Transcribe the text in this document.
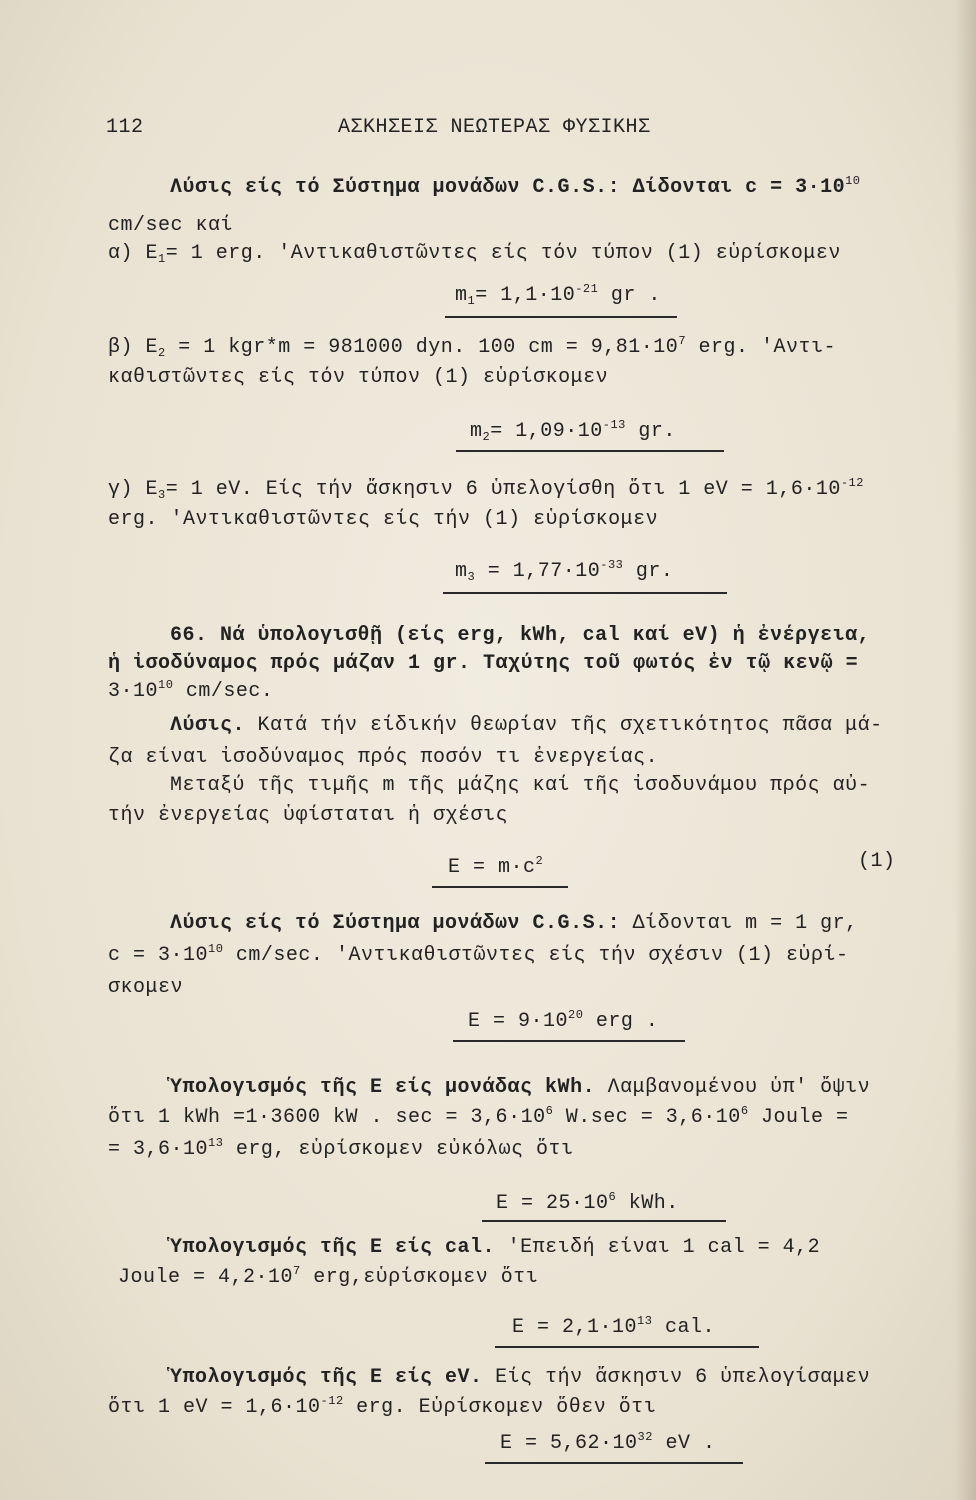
112	ΑΣΚΗΣΕΙΣ ΝΕΩΤΕΡΑΣ ΦΥΣΙΚΗΣ
Λύσις είς τό Σύστημα μονάδων C.G.S.: Δίδονται $c = 3\cdot 10^{10}$
cm/sec καί
α) $E_1= 1$ erg. 'Αντικαθιστῶντες είς τόν τύπον (1) εὑρίσκομεν
$m_1= 1,1\cdot 10^{-21}$ gr .
β) $E_2 = 1$ kgr*m = 981000 dyn. 100 cm = $9,81\cdot 10^7$ erg. 'Αντι-
καθιστῶντες είς τόν τύπον (1) εὑρίσκομεν
$m_2= 1,09\cdot 10^{-13}$ gr.
γ) $E_3= 1$ eV. Είς τήν ἄσκησιν 6 ὑπελογίσθη ὅτι 1 eV = $1,6\cdot 10^{-12}$
erg. 'Αντικαθιστῶντες είς τήν (1) εὑρίσκομεν
$m_3 = 1,77\cdot 10^{-33}$ gr.
66. Νά ὑπολογισθῇ (είς erg, kWh, cal καί eV) ἡ ἐνέργεια,
ἡ ἰσοδύναμος πρός μάζαν 1 gr. Ταχύτης τοῦ φωτός ἐν τῷ κενῷ =
$3\cdot 10^{10}$ cm/sec.
Λύσις. Κατά τήν είδικήν θεωρίαν τῆς σχετικότητος πᾶσα μά-
ζα είναι ἰσοδύναμος πρός ποσόν τι ἐνεργείας.
Μεταξύ τῆς τιμῆς m τῆς μάζης καί τῆς ἰσοδυνάμου πρός αὐ-
τήν ἐνεργείας ὑφίσταται ἡ σχέσις
$E = m\cdot c^2$	(1)
Λύσις είς τό Σύστημα μονάδων C.G.S.: Δίδονται m = 1 gr,
$c = 3\cdot 10^{10}$ cm/sec. 'Αντικαθιστῶντες είς τήν σχέσιν (1) εὑρί-
σκομεν
$E = 9\cdot 10^{20}$ erg .
Ὑπολογισμός τῆς E είς μονάδας kWh. Λαμβανομένου ὑπ' ὄψιν
ὅτι 1 kWh =1·3600 kW . $\sec = 3,6\cdot 10^6$ $W.\sec = 3,6\cdot 10^6$ Joule =
= $3,6\cdot 10^{13}$ erg, εὑρίσκομεν εὐκόλως ὅτι
$E = 25\cdot 10^6$ kWh.
Ὑπολογισμός τῆς E είς cal. 'Επειδή είναι 1 cal = 4,2
Joule = $4,2\cdot 10^7$ erg,εὑρίσκομεν ὅτι
$E = 2,1\cdot 10^{13}$ cal.
Ὑπολογισμός τῆς E είς eV. Είς τήν ἄσκησιν 6 ὑπελογίσαμεν
ὅτι 1 eV = $1,6\cdot 10^{-12}$ erg. Εὑρίσκομεν ὅθεν ὅτι
$E = 5,62\cdot 10^{32}$ eV .
